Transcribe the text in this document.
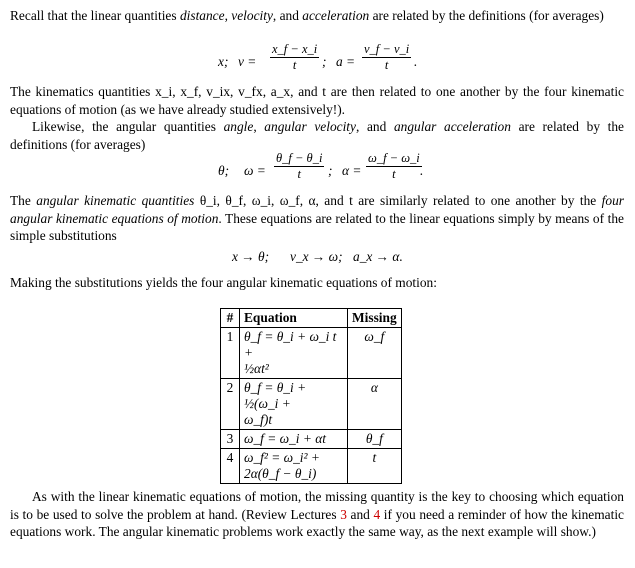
Recall that the linear quantities distance, velocity, and acceleration are related by the definitions (for averages)

x; $v = \frac{x\_f - x\_i}{t}$ ; $a = \frac{v\_f - v\_i}{t}$ .

The kinematics quantities x_i, x_f, v_ix, v_fx, a_x, and t are then related to one another by the four kinematic equations of motion (as we have already studied extensively!).

Likewise, the angular quantities angle, angular velocity, and angular acceleration are related by the definitions (for averages)

θ; $\omega = \frac{\theta\_f - \theta\_i}{t}$ ; $\alpha = \frac{\omega\_f - \omega\_i}{t}$
.

The angular kinematic quantities θ_i, θ_f, ω_i, ω_f, α, and t are similarly related to one another by the four angular kinematic equations of motion. These equations are related to the linear equations simply by means of the simple substitutions

x → θ; v_x → ω; a_x → α.

Making the substitutions yields the four angular kinematic equations of motion:

#	Equation	Missing
1	θ_f = θ_i + ω_i t +
½αt²	ω_f
2	θ_f = θ_i + ½(ω_i +
ω_f)t	α
3	ω_f = ω_i + αt	θ_f
4	ω_f² = ω_i² +
2α(θ_f − θ_i)	t

As with the linear kinematic equations of motion, the missing quantity is the key to choosing which equation is to be used to solve the problem at hand. (Review Lectures 3 and 4 if you need a reminder of how the kinematic equations work. The angular kinematic problems work exactly the same way, as the next example will show.)
